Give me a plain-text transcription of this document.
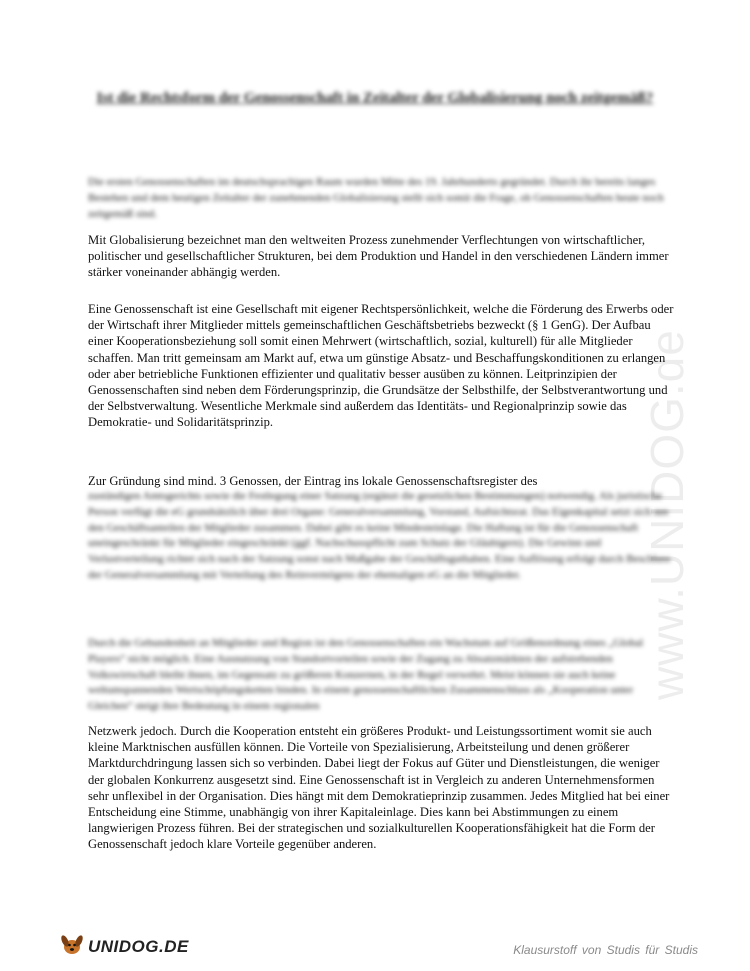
Ist die Rechtsform der Genossenschaft in Zeitalter der Globalisierung noch zeitgemäß?
Die ersten Genossenschaften im deutschsprachigen Raum wurden Mitte des 19. Jahrhunderts gegründet. Durch ihr bereits langes Bestehen und dem heutigen Zeitalter der zunehmenden Globalisierung stellt sich somit die Frage, ob Genossenschaften heute noch zeitgemäß sind.
Mit Globalisierung bezeichnet man den weltweiten Prozess zunehmender Verflechtungen von wirtschaftlicher, politischer und gesellschaftlicher Strukturen, bei dem Produktion und Handel in den verschiedenen Ländern immer stärker voneinander abhängig werden.
Eine Genossenschaft ist eine Gesellschaft mit eigener Rechtspersönlichkeit, welche die Förderung des Erwerbs oder der Wirtschaft ihrer Mitglieder mittels gemeinschaftlichen Geschäftsbetriebs bezweckt (§ 1 GenG). Der Aufbau einer Kooperationsbeziehung soll somit einen Mehrwert (wirtschaftlich, sozial, kulturell) für alle Mitglieder schaffen. Man tritt gemeinsam am Markt auf, etwa um günstige Absatz- und Beschaffungskonditionen zu erlangen oder aber betriebliche Funktionen effizienter und qualitativ besser ausüben zu können. Leitprinzipien der Genossenschaften sind neben dem Förderungsprinzip, die Grundsätze der Selbsthilfe, der Selbstverantwortung und der Selbstverwaltung. Wesentliche Merkmale sind außerdem das Identitäts- und Regionalprinzip sowie das Demokratie- und Solidaritätsprinzip.
Zur Gründung sind mind. 3 Genossen, der Eintrag ins lokale Genossenschaftsregister des
zuständigen Amtsgerichts sowie die Festlegung einer Satzung (ergänzt die gesetzlichen Bestimmungen) notwendig. Als juristische Person verfügt die eG grundsätzlich über drei Organe: Generalversammlung, Vorstand, Aufsichtsrat. Das Eigenkapital setzt sich aus den Geschäftsanteilen der Mitglieder zusammen. Dabei gibt es keine Mindesteinlage. Die Haftung ist für die Genossenschaft uneingeschränkt für Mitglieder eingeschränkt (ggf. Nachschusspflicht zum Schutz der Gläubigern). Die Gewinn und Verlustverteilung richtet sich nach der Satzung sonst nach Maßgabe der Geschäftsguthaben. Eine Auflösung erfolgt durch Beschluss der Generalversammlung mit Verteilung des Reinvermögens der ehemaligen eG an die Mitglieder.
Durch die Gebundenheit an Mitglieder und Region ist den Genossenschaften ein Wachstum auf Größenordnung eines „Global Players“ nicht möglich. Eine Ausnutzung von Standortvorteilen sowie der Zugang zu Absatzmärkten der aufstrebenden Volkswirtschaft bleibt ihnen, im Gegensatz zu größeren Konzernen, in der Regel verwehrt. Meist können sie auch keine weltumspannenden Wertschöpfungsketten binden. In einem genossenschaftlichen Zusammenschluss als „Kooperation unter Gleichen“ steigt ihre Bedeutung in einem regionalen
Netzwerk jedoch. Durch die Kooperation entsteht ein größeres Produkt- und Leistungssortiment womit sie auch kleine Marktnischen ausfüllen können. Die Vorteile von Spezialisierung, Arbeitsteilung und denen größerer Marktdurchdringung lassen sich so verbinden. Dabei liegt der Fokus auf Güter und Dienstleistungen, die weniger der globalen Konkurrenz ausgesetzt sind. Eine Genossenschaft ist in Vergleich zu anderen Unternehmensformen sehr unflexibel in der Organisation. Dies hängt mit dem Demokratieprinzip zusammen. Jedes Mitglied hat bei einer Entscheidung eine Stimme, unabhängig von ihrer Kapitaleinlage. Dies kann bei Abstimmungen zu einem langwierigen Prozess führen. Bei der strategischen und sozialkulturellen Kooperationsfähigkeit hat die Form der Genossenschaft jedoch klare Vorteile gegenüber anderen.
www.UNIDOG.de
UNIDOG.DE	Klausurstoff von Studis für Studis
